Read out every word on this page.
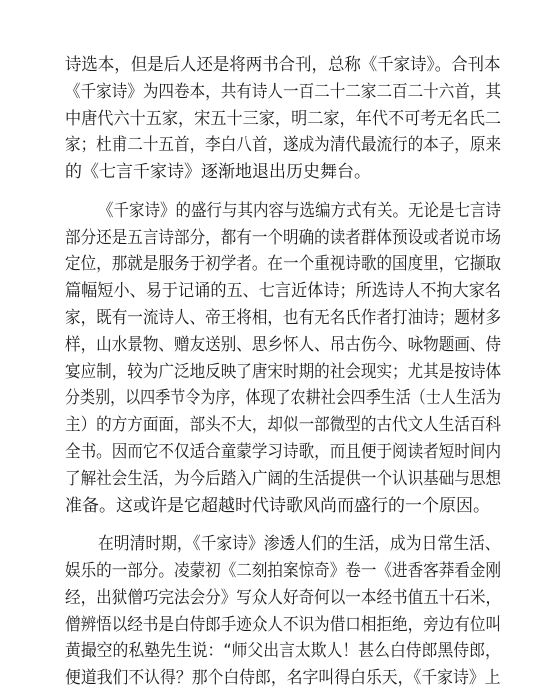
诗选本，但是后人还是将两书合刊，总称《千家诗》。合刊本
《千家诗》为四卷本，共有诗人一百二十二家二百二十六首，其
中唐代六十五家，宋五十三家，明二家，年代不可考无名氏二
家；杜甫二十五首，李白八首，遂成为清代最流行的本子，原来
的《七言千家诗》逐渐地退出历史舞台。
《千家诗》的盛行与其内容与选编方式有关。无论是七言诗
部分还是五言诗部分，都有一个明确的读者群体预设或者说市场
定位，那就是服务于初学者。在一个重视诗歌的国度里，它撷取
篇幅短小、易于记诵的五、七言近体诗；所选诗人不拘大家名
家，既有一流诗人、帝王将相，也有无名氏作者打油诗；题材多
样，山水景物、赠友送别、思乡怀人、吊古伤今、咏物题画、侍
宴应制，较为广泛地反映了唐宋时期的社会现实；尤其是按诗体
分类别，以四季节令为序，体现了农耕社会四季生活（士人生活为
主）的方方面面，部头不大，却似一部微型的古代文人生活百科
全书。因而它不仅适合童蒙学习诗歌，而且便于阅读者短时间内
了解社会生活，为今后踏入广阔的生活提供一个认识基础与思想
准备。这或许是它超越时代诗歌风尚而盛行的一个原因。
在明清时期，《千家诗》渗透人们的生活，成为日常生活、
娱乐的一部分。凌蒙初《二刻拍案惊奇》卷一《进香客莽看金刚
经，出狱僧巧完法会分》写众人好奇何以一本经书值五十石米，
僧辨悟以经书是白侍郎手迹众人不识为借口相拒绝，旁边有位叫
黄撮空的私塾先生说：“师父出言太欺人！甚么白侍郎黑侍郎，
便道我们不认得？那个白侍郎，名字叫得白乐天，《千家诗》上
